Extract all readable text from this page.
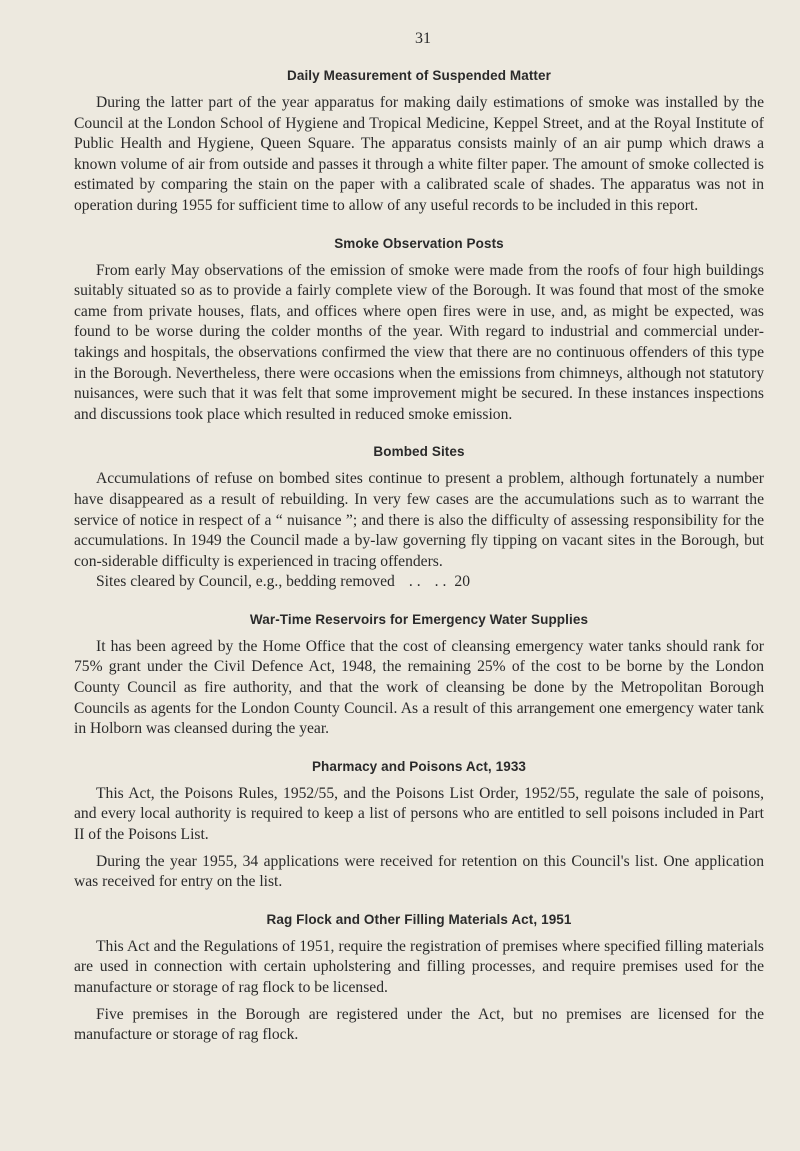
31
Daily Measurement of Suspended Matter

During the latter part of the year apparatus for making daily estimations of smoke was installed by the Council at the London School of Hygiene and Tropical Medicine, Keppel Street, and at the Royal Institute of Public Health and Hygiene, Queen Square. The apparatus consists mainly of an air pump which draws a known volume of air from outside and passes it through a white filter paper. The amount of smoke collected is estimated by comparing the stain on the paper with a calibrated scale of shades. The apparatus was not in operation during 1955 for sufficient time to allow of any useful records to be included in this report.

Smoke Observation Posts

From early May observations of the emission of smoke were made from the roofs of four high buildings suitably situated so as to provide a fairly complete view of the Borough. It was found that most of the smoke came from private houses, flats, and offices where open fires were in use, and, as might be expected, was found to be worse during the colder months of the year. With regard to industrial and commercial under-takings and hospitals, the observations confirmed the view that there are no continuous offenders of this type in the Borough. Nevertheless, there were occasions when the emissions from chimneys, although not statutory nuisances, were such that it was felt that some improvement might be secured. In these instances inspections and discussions took place which resulted in reduced smoke emission.

Bombed Sites

Accumulations of refuse on bombed sites continue to present a problem, although fortunately a number have disappeared as a result of rebuilding. In very few cases are the accumulations such as to warrant the service of notice in respect of a “ nuisance ”; and there is also the difficulty of assessing responsibility for the accumulations. In 1949 the Council made a by-law governing fly tipping on vacant sites in the Borough, but con-siderable difficulty is experienced in tracing offenders.

Sites cleared by Council, e.g., bedding removed .. .. 20
War-Time Reservoirs for Emergency Water Supplies

It has been agreed by the Home Office that the cost of cleansing emergency water tanks should rank for 75% grant under the Civil Defence Act, 1948, the remaining 25% of the cost to be borne by the London County Council as fire authority, and that the work of cleansing be done by the Metropolitan Borough Councils as agents for the London County Council. As a result of this arrangement one emergency water tank in Holborn was cleansed during the year.

Pharmacy and Poisons Act, 1933

This Act, the Poisons Rules, 1952/55, and the Poisons List Order, 1952/55, regulate the sale of poisons, and every local authority is required to keep a list of persons who are entitled to sell poisons included in Part II of the Poisons List.

During the year 1955, 34 applications were received for retention on this Council's list. One application was received for entry on the list.

Rag Flock and Other Filling Materials Act, 1951

This Act and the Regulations of 1951, require the registration of premises where specified filling materials are used in connection with certain upholstering and filling processes, and require premises used for the manufacture or storage of rag flock to be licensed.

Five premises in the Borough are registered under the Act, but no premises are licensed for the manufacture or storage of rag flock.
